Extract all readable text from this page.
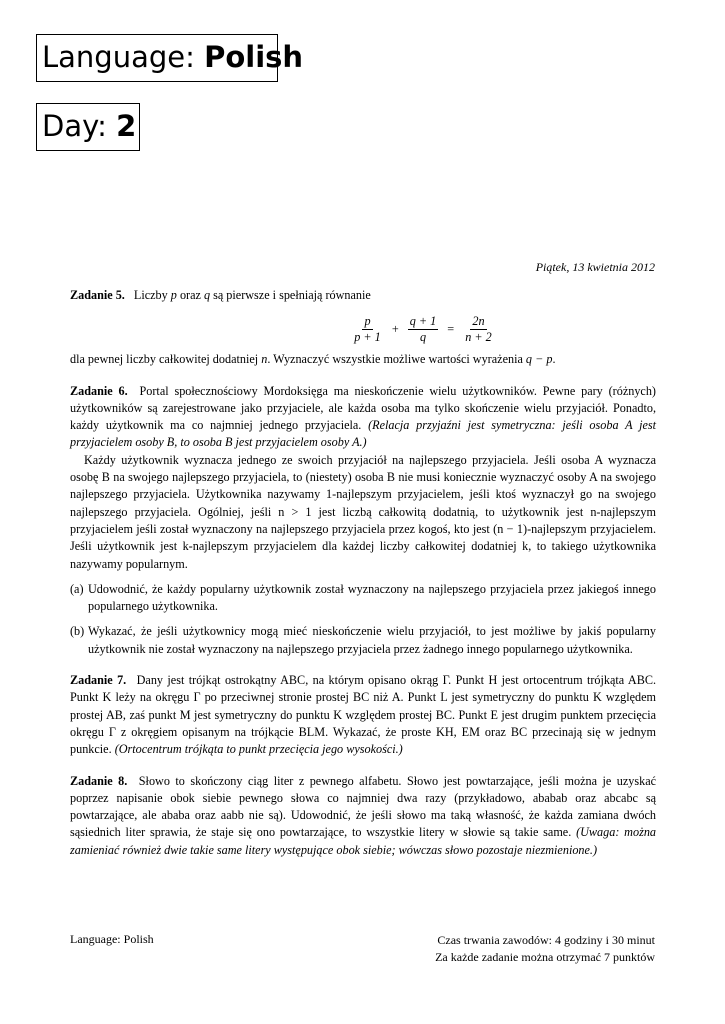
Language: Polish
Day: 2
Piątek, 13 kwietnia 2012

Zadanie 5. Liczby p oraz q są pierwsze i spełniają równanie

$\frac{p}{p + 1} + \frac{q + 1}{q} = \frac{2n}{n + 2}$

dla pewnej liczby całkowitej dodatniej n. Wyznaczyć wszystkie możliwe wartości wyrażenia q − p.

Zadanie 6. Portal społecznościowy Mordoksięga ma nieskończenie wielu użytkowników. Pewne pary (różnych) użytkowników są zarejestrowane jako przyjaciele, ale każda osoba ma tylko skończenie wielu przyjaciół. Ponadto, każdy użytkownik ma co najmniej jednego przyjaciela. (Relacja przyjaźni jest symetryczna: jeśli osoba A jest przyjacielem osoby B, to osoba B jest przyjacielem osoby A.)

Każdy użytkownik wyznacza jednego ze swoich przyjaciół na najlepszego przyjaciela. Jeśli osoba A wyznacza osobę B na swojego najlepszego przyjaciela, to (niestety) osoba B nie musi koniecznie wyznaczyć osoby A na swojego najlepszego przyjaciela. Użytkownika nazywamy 1-najlepszym przyjacielem, jeśli ktoś wyznaczył go na swojego najlepszego przyjaciela. Ogólniej, jeśli n > 1 jest liczbą całkowitą dodatnią, to użytkownik jest n-najlepszym przyjacielem jeśli został wyznaczony na najlepszego przyjaciela przez kogoś, kto jest (n − 1)-najlepszym przyjacielem. Jeśli użytkownik jest k-najlepszym przyjacielem dla każdej liczby całkowitej dodatniej k, to takiego użytkownika nazywamy popularnym.

(a) Udowodnić, że każdy popularny użytkownik został wyznaczony na najlepszego przyjaciela przez jakiegoś innego popularnego użytkownika.
(b) Wykazać, że jeśli użytkownicy mogą mieć nieskończenie wielu przyjaciół, to jest możliwe by jakiś popularny użytkownik nie został wyznaczony na najlepszego przyjaciela przez żadnego innego popularnego użytkownika.

Zadanie 7. Dany jest trójkąt ostrokątny ABC, na którym opisano okrąg Γ. Punkt H jest ortocentrum trójkąta ABC. Punkt K leży na okręgu Γ po przeciwnej stronie prostej BC niż A. Punkt L jest symetryczny do punktu K względem prostej AB, zaś punkt M jest symetryczny do punktu K względem prostej BC. Punkt E jest drugim punktem przecięcia okręgu Γ z okręgiem opisanym na trójkącie BLM. Wykazać, że proste KH, EM oraz BC przecinają się w jednym punkcie. (Ortocentrum trójkąta to punkt przecięcia jego wysokości.)

Zadanie 8. Słowo to skończony ciąg liter z pewnego alfabetu. Słowo jest powtarzające, jeśli można je uzyskać poprzez napisanie obok siebie pewnego słowa co najmniej dwa razy (przykładowo, ababab oraz abcabc są powtarzające, ale ababa oraz aabb nie są). Udowodnić, że jeśli słowo ma taką własność, że każda zamiana dwóch sąsiednich liter sprawia, że staje się ono powtarzające, to wszystkie litery w słowie są takie same. (Uwaga: można zamieniać również dwie takie same litery występujące obok siebie; wówczas słowo pozostaje niezmienione.)

Language: Polish	Czas trwania zawodów: 4 godziny i 30 minut
Za każde zadanie można otrzymać 7 punktów
